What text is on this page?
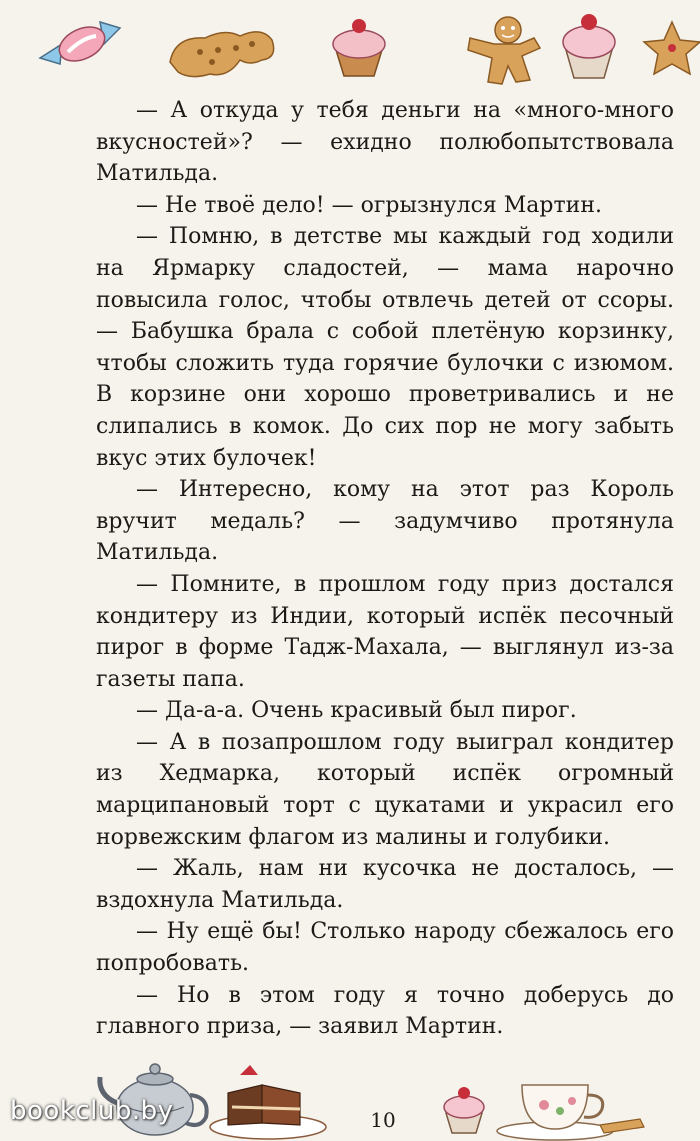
— А откуда у тебя деньги на «много-много вкусностей»? — ехидно полюбопытствовала Матильда.

— Не твоё дело! — огрызнулся Мартин.

— Помню, в детстве мы каждый год ходили на Ярмарку сладостей, — мама нарочно повысила голос, чтобы отвлечь детей от ссоры. — Бабушка брала с собой плетёную корзинку, чтобы сложить туда горячие булочки с изюмом. В корзине они хорошо проветривались и не слипались в комок. До сих пор не могу забыть вкус этих булочек!

— Интересно, кому на этот раз Король вручит медаль? — задумчиво протянула Матильда.

— Помните, в прошлом году приз достался кондитеру из Индии, который испёк песочный пирог в форме Тадж-Махала, — выглянул из-за газеты папа.

— Да-а-а. Очень красивый был пирог.

— А в позапрошлом году выиграл кондитер из Хедмарка, который испёк огромный марципановый торт с цукатами и украсил его норвежским флагом из малины и голубики.

— Жаль, нам ни кусочка не досталось, — вздохнула Матильда.

— Ну ещё бы! Столько народу сбежалось его попробовать.

— Но в этом году я точно доберусь до главного приза, — заявил Мартин.

10
bookclub.by
